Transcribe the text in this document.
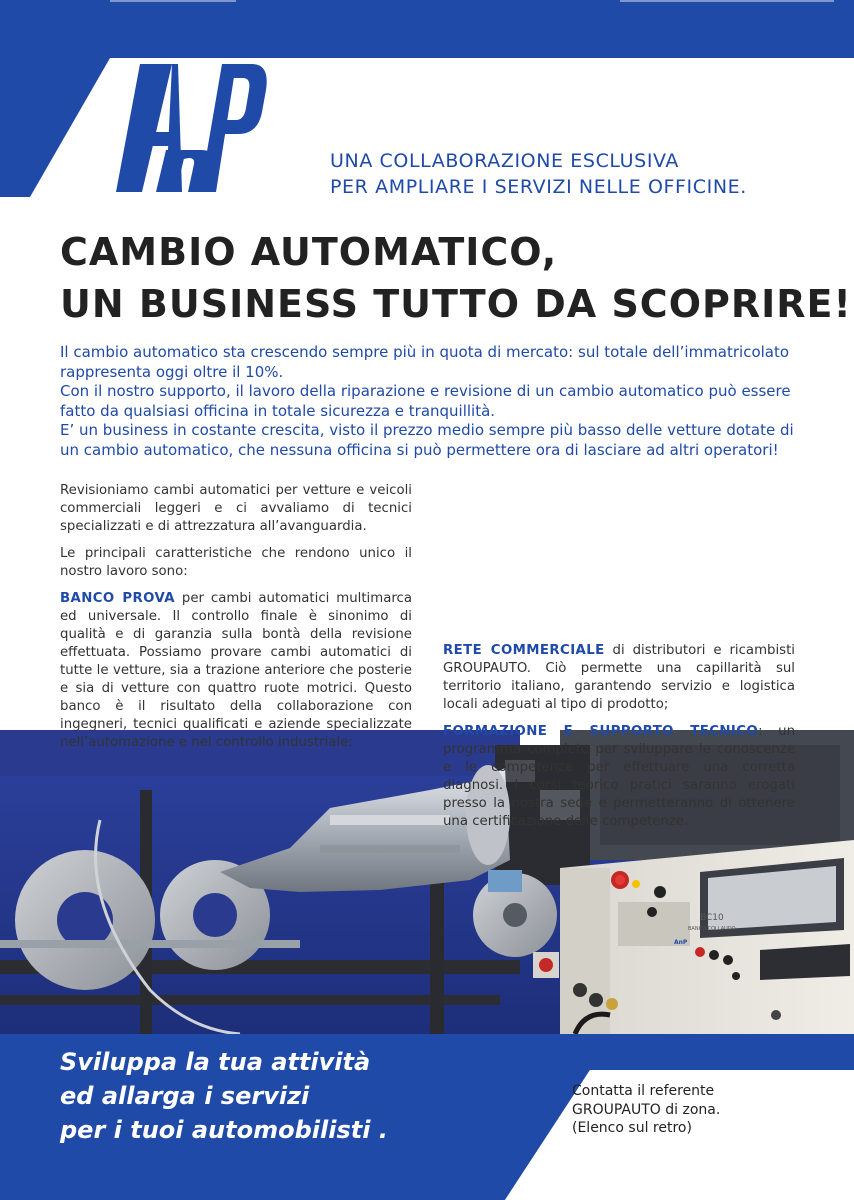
BC10
BANCO COLLAUDO
AnP
UNA COLLABORAZIONE ESCLUSIVA
PER AMPLIARE I SERVIZI NELLE OFFICINE.
CAMBIO AUTOMATICO,
UN BUSINESS TUTTO DA SCOPRIRE!

Il cambio automatico sta crescendo sempre più in quota di mercato: sul totale dell’immatricolato rappresenta oggi oltre il 10%.

Con il nostro supporto, il lavoro della riparazione e revisione di un cambio automatico può essere fatto da qualsiasi officina in totale sicurezza e tranquillità.

E’ un business in costante crescita, visto il prezzo medio sempre più basso delle vetture dotate di un cambio automatico, che nessuna officina si può permettere ora di lasciare ad altri operatori!

Revisioniamo cambi automatici per vetture e veicoli commerciali leggeri e ci avvaliamo di tecnici specializzati e di attrezzatura all’avanguardia.

Le principali caratteristiche che rendono unico il nostro lavoro sono:

BANCO PROVA per cambi automatici multimarca ed universale. Il controllo finale è sinonimo di qualità e di garanzia sulla bontà della revisione effettuata. Possiamo provare cambi automatici di tutte le vetture, sia a trazione anteriore che posterie e sia di vetture con quattro ruote motrici. Questo banco è il risultato della collaborazione con ingegneri, tecnici qualificati e aziende specializzate nell’automazione e nel controllo industriale;

RETE COMMERCIALE di distributori e ricambisti GROUPAUTO. Ciò permette una capillarità sul territorio italiano, garantendo servizio e logistica locali adeguati al tipo di prodotto;

FORMAZIONE E SUPPORTO TECNICO: un programma completo per sviluppare le conoscenze e le competenze per effettuare una corretta diagnosi. I corsi teorico pratici saranno erogati presso la nostra sede e permetteranno di ottenere una certificazione delle competenze.

Sviluppa la tua attività
ed allarga i servizi
per i tuoi automobilisti .
Contatta il referente
GROUPAUTO di zona.
(Elenco sul retro)
